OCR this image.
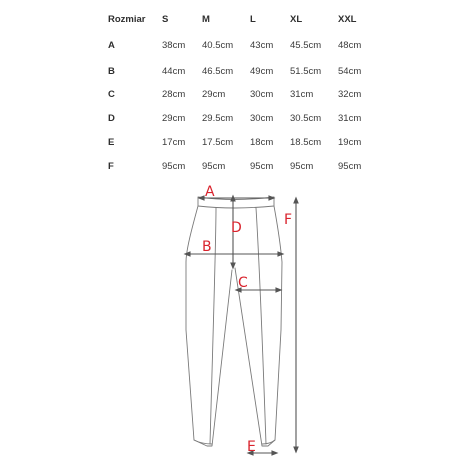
Rozmiar S	M	L	XL	XXL
A	38cm 40.5cm 43cm 45.5cm 48cm
B	44cm 46.5cm 49cm 51.5cm 54cm
C	28cm 29cm	30cm 31cm	32cm
D	29cm 29.5cm 30cm 30.5cm 31cm
E	17cm 17.5cm 18cm 18.5cm 19cm
F	95cm 95cm	95cm 95cm	95cm
A
D
B
C
F
E
